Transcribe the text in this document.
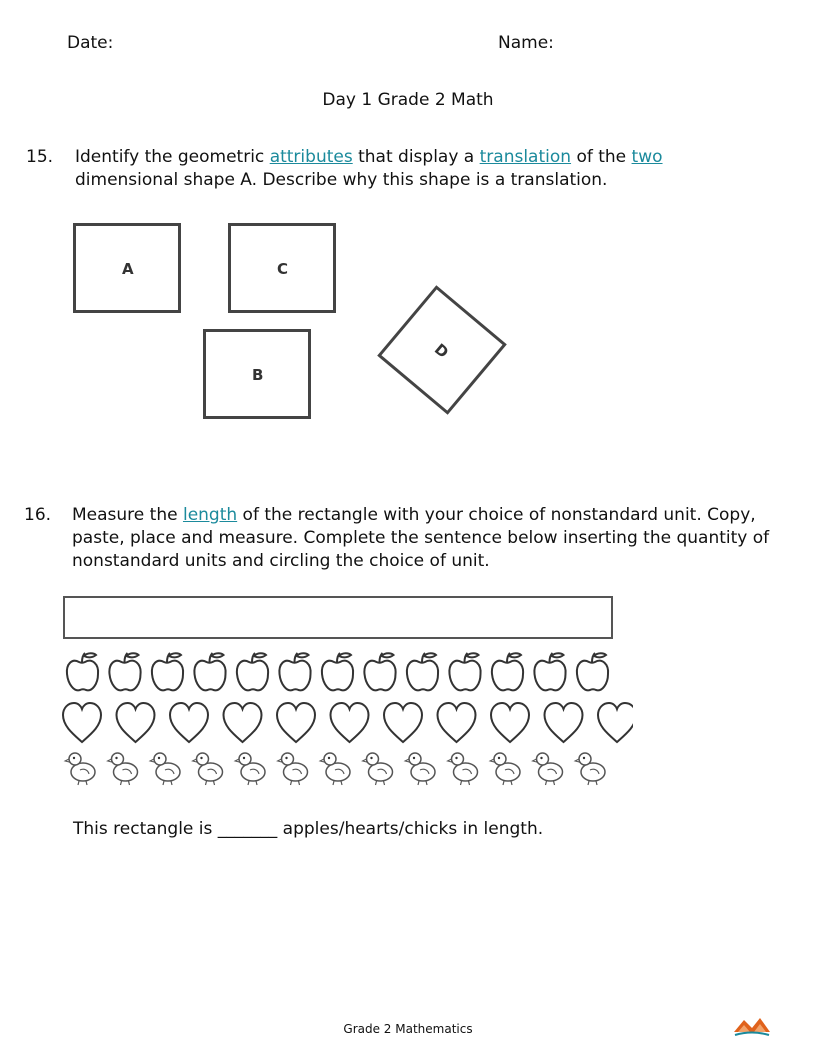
Date:	Name:
Day 1 Grade 2 Math
15. Identify the geometric attributes that display a translation of the two
dimensional shape A. Describe why this shape is a translation.
A	C
B
D
16. Measure the length of the rectangle with your choice of nonstandard unit. Copy,
paste, place and measure. Complete the sentence below inserting the quantity of
nonstandard units and circling the choice of unit.
This rectangle is _______ apples/hearts/chicks in length.
Grade 2 Mathematics
